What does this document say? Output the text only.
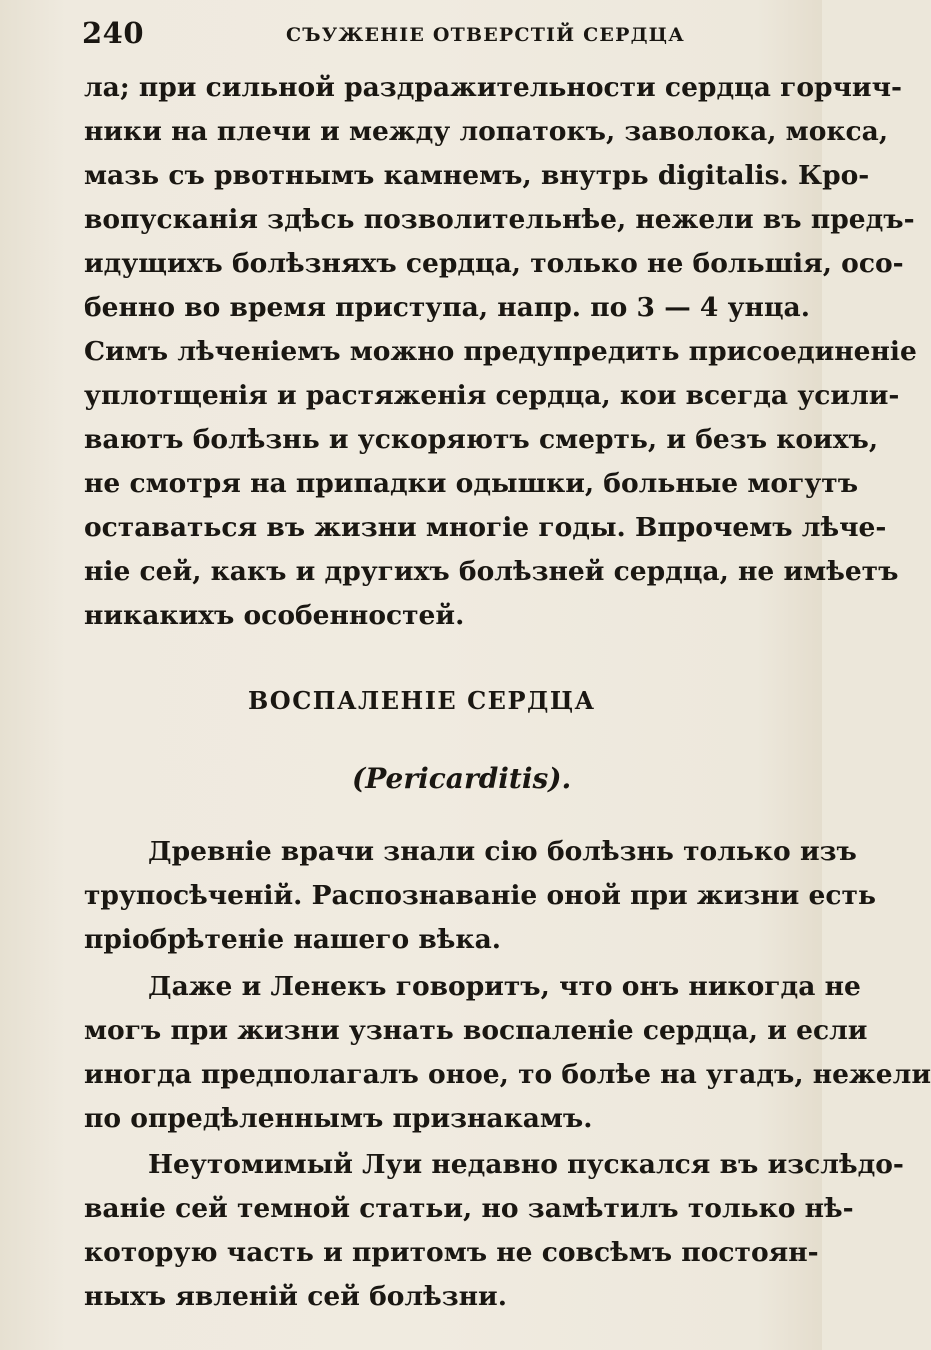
240	СЪУЖЕНІЕ ОТВЕРСТІЙ СЕРДЦА
ла; при сильной раздражительности сердца горчич-
ники на плечи и между лопатокъ, заволока, мокса,
мазь съ рвотнымъ камнемъ, внутрь digitalis. Кро-
вопусканія здѣсь позволительнѣе, нежели въ предъ-
идущихъ болѣзняхъ сердца, только не большія, осо-
бенно во время приступа, напр. по 3 — 4 унца.
Симъ лѣченіемъ можно предупредить присоединеніе
уплотщенія и растяженія сердца, кои всегда усили-
ваютъ болѣзнь и ускоряютъ смерть, и безъ коихъ,
не смотря на припадки одышки, больные могутъ
оставаться въ жизни многіе годы. Впрочемъ лѣче-
ніе сей, какъ и другихъ болѣзней сердца, не имѣетъ
никакихъ особенностей.
ВОСПАЛЕНІЕ СЕРДЦА
(Pericarditis).
Древніе врачи знали сію болѣзнь только изъ
трупосѣченій. Распознаваніе оной при жизни есть
пріобрѣтеніе нашего вѣка.
Даже и Ленекъ говоритъ, что онъ никогда не
могъ при жизни узнать воспаленіе сердца, и если
иногда предполагалъ оное, то болѣе на угадъ, нежели
по опредѣленнымъ признакамъ.
Неутомимый Луи недавно пускался въ изслѣдо-
ваніе сей темной статьи, но замѣтилъ только нѣ-
которую часть и притомъ не совсѣмъ постоян-
ныхъ явленій сей болѣзни.
